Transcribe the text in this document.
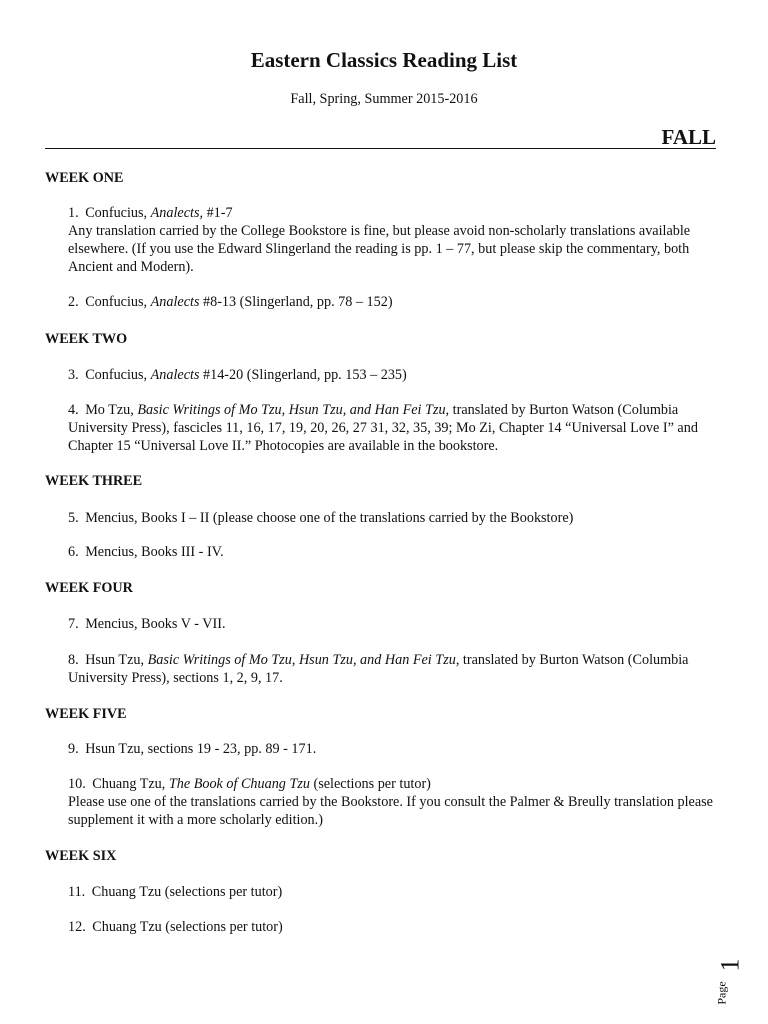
Eastern Classics Reading List
Fall, Spring, Summer 2015-2016
FALL
WEEK ONE

1. Confucius, Analects, #1-7
Any translation carried by the College Bookstore is fine, but please avoid non-scholarly translations available elsewhere. (If you use the Edward Slingerland the reading is pp. 1 – 77, but please skip the commentary, both Ancient and Modern).

2. Confucius, Analects #8-13 (Slingerland, pp. 78 – 152)

WEEK TWO

3. Confucius, Analects #14-20 (Slingerland, pp. 153 – 235)

4. Mo Tzu, Basic Writings of Mo Tzu, Hsun Tzu, and Han Fei Tzu, translated by Burton Watson (Columbia University Press), fascicles 11, 16, 17, 19, 20, 26, 27 31, 32, 35, 39; Mo Zi, Chapter 14 “Universal Love I” and Chapter 15 “Universal Love II.” Photocopies are available in the bookstore.

WEEK THREE

5. Mencius, Books I – II (please choose one of the translations carried by the Bookstore)

6. Mencius, Books III - IV.

WEEK FOUR

7. Mencius, Books V - VII.

8. Hsun Tzu, Basic Writings of Mo Tzu, Hsun Tzu, and Han Fei Tzu, translated by Burton Watson (Columbia University Press), sections 1, 2, 9, 17.

WEEK FIVE

9. Hsun Tzu, sections 19 - 23, pp. 89 - 171.

10. Chuang Tzu, The Book of Chuang Tzu (selections per tutor)
Please use one of the translations carried by the Bookstore. If you consult the Palmer & Breully translation please supplement it with a more scholarly edition.)

WEEK SIX

11. Chuang Tzu (selections per tutor)

12. Chuang Tzu (selections per tutor)

Page
1
